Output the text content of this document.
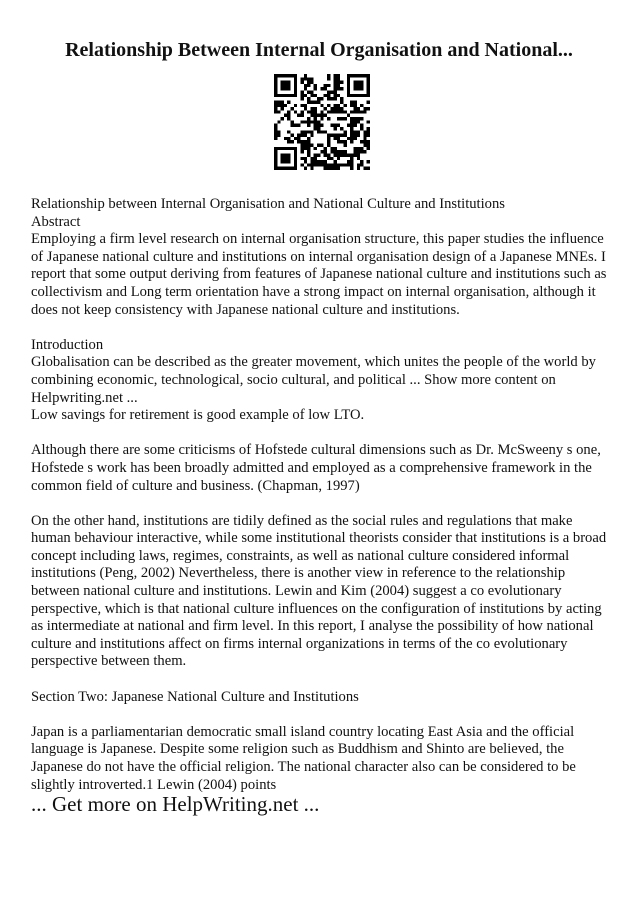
Relationship Between Internal Organisation and National...

Relationship between Internal Organisation and National Culture and Institutions
Abstract
Employing a firm level research on internal organisation structure, this paper studies the influence of Japanese national culture and institutions on internal organisation design of a Japanese MNEs. I report that some output deriving from features of Japanese national culture and institutions such as collectivism and Long term orientation have a strong impact on internal organisation, although it does not keep consistency with Japanese national culture and institutions.

Introduction
Globalisation can be described as the greater movement, which unites the people of the world by combining economic, technological, socio cultural, and political ... Show more content on Helpwriting.net ...
Low savings for retirement is good example of low LTO.

Although there are some criticisms of Hofstede cultural dimensions such as Dr. McSweeny s one, Hofstede s work has been broadly admitted and employed as a comprehensive framework in the common field of culture and business. (Chapman, 1997)

On the other hand, institutions are tidily defined as the social rules and regulations that make human behaviour interactive, while some institutional theorists consider that institutions is a broad concept including laws, regimes, constraints, as well as national culture considered informal institutions (Peng, 2002) Nevertheless, there is another view in reference to the relationship between national culture and institutions. Lewin and Kim (2004) suggest a co evolutionary perspective, which is that national culture influences on the configuration of institutions by acting as intermediate at national and firm level. In this report, I analyse the possibility of how national culture and institutions affect on firms internal organizations in terms of the co evolutionary perspective between them.

Section Two: Japanese National Culture and Institutions

Japan is a parliamentarian democratic small island country locating East Asia and the official language is Japanese. Despite some religion such as Buddhism and Shinto are believed, the Japanese do not have the official religion. The national character also can be considered to be slightly introverted.1 Lewin (2004) points

... Get more on HelpWriting.net ...
